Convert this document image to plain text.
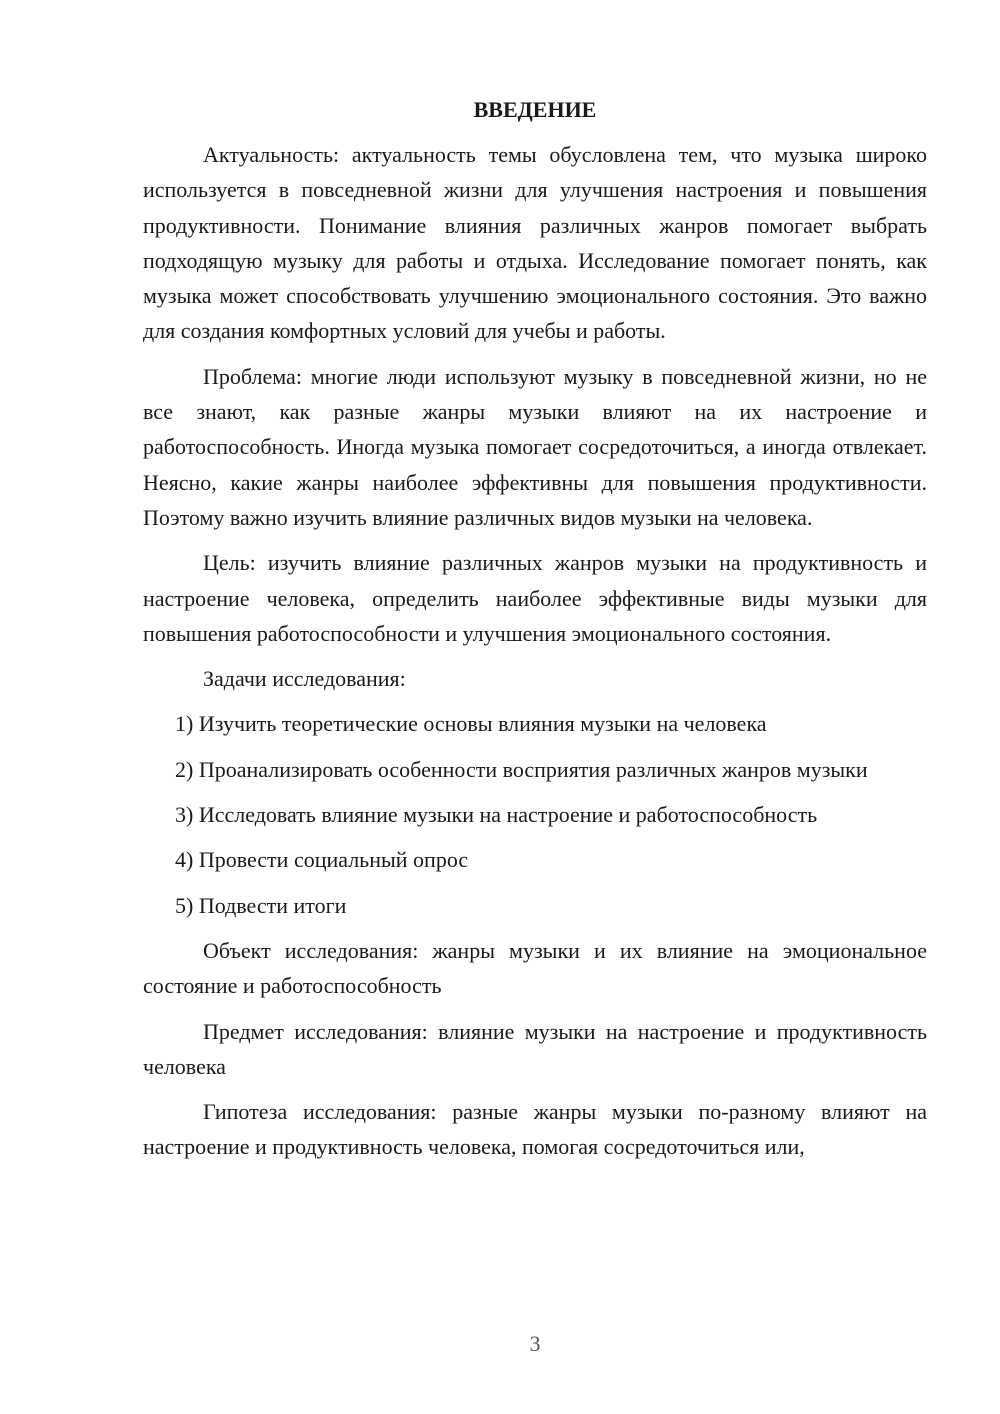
ВВЕДЕНИЕ

Актуальность: актуальность темы обусловлена тем, что музыка широко используется в повседневной жизни для улучшения настроения и повышения продуктивности. Понимание влияния различных жанров помогает выбрать подходящую музыку для работы и отдыха. Исследование помогает понять, как музыка может способствовать улучшению эмоционального состояния. Это важно для создания комфортных условий для учебы и работы.

Проблема: многие люди используют музыку в повседневной жизни, но не все знают, как разные жанры музыки влияют на их настроение и работоспособность. Иногда музыка помогает сосредоточиться, а иногда отвлекает. Неясно, какие жанры наиболее эффективны для повышения продуктивности. Поэтому важно изучить влияние различных видов музыки на человека.

Цель: изучить влияние различных жанров музыки на продуктивность и настроение человека, определить наиболее эффективные виды музыки для повышения работоспособности и улучшения эмоционального состояния.

Задачи исследования:

1) Изучить теоретические основы влияния музыки на человека

2) Проанализировать особенности восприятия различных жанров музыки

3) Исследовать влияние музыки на настроение и работоспособность

4) Провести социальный опрос

5) Подвести итоги

Объект исследования: жанры музыки и их влияние на эмоциональное состояние и работоспособность

Предмет исследования: влияние музыки на настроение и продуктивность человека

Гипотеза исследования: разные жанры музыки по-разному влияют на настроение и продуктивность человека, помогая сосредоточиться или,

3
